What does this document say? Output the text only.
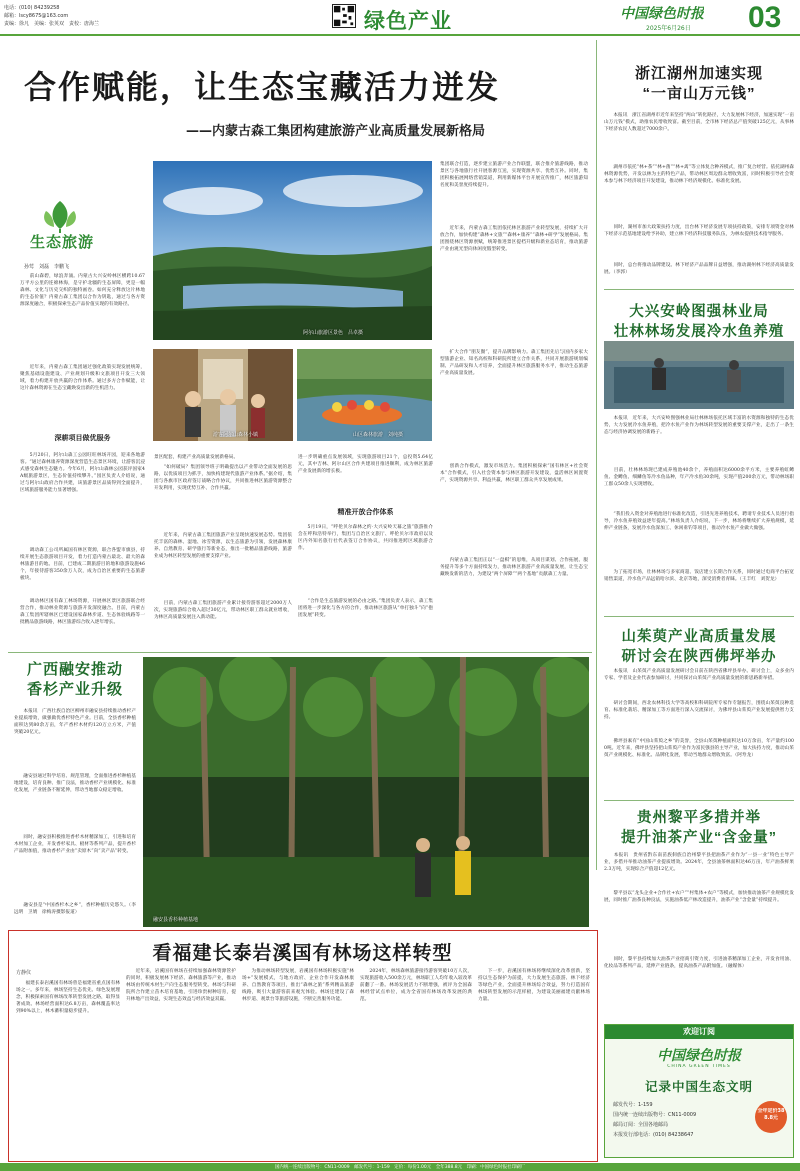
电话：(010) 84239258
邮箱：lscy8675@163.com
责编：徐凡　美编：张英双　责校：唐海兰	绿色产业	中国绿色时报
2025年6月26日 03
合作赋能，让生态宝藏活力迸发
——内蒙古森工集团构建旅游产业高质量发展新格局
阿尔山旅游区景色　吕卓摄
生态旅游
孙莺　刘磊　李鹏飞
游客阿尔山森林小镇	山区森林旅游　刘纯摄
　　前山森碧，绿浪奔涌。内蒙古大兴安岭林区横跨10.67万平方公里的连绵林海，是守护北疆的生态屏障，更是一幅森林、文化与历史交织的独特画卷。如何充分释放这片林地的生态价值？内蒙古森工集团以合作为钥匙，通过与各方资源深度融合，积极探索生态产品价值实现的有效路径。
　　近年来，内蒙古森工集团通过强化政策实现发展统筹，聚焦基础设施建设、产业规划升级和文旅项目开发三大领域，着力构建开放共赢的合作体系。通过多方合作赋能，让这片森林资源在生态宝藏焕发出新的生机活力。
深耕项目做优服务
　　5月20日，阿尔山森工公园旺旺林场开园，迎来各地游客。“通过森林康养资源深度营造生态景区环境，让游客沉浸式感受森林生态魅力。今年6月，阿尔山森林公园获评国家4A级旅游景区，生态价值持续攀升。”园区负责人介绍说，通过与阿尔山政府合作共建，该旅游景区品质得到全面提升，区域旅游服务能力显著增强。
　　调动森工公司所属国有林区资源，联合各盟市旗县，持续开展生态旅游项目开发，着力打造内蒙古最北、最大的森林旅游目的地。目前，已建成二期旅游目的地和旅游设施46个，年接待游客350余万人次，成为自治区重要的生态旅游板块。
　　调动林区国有森工林场资源，开展林区景区旅游联合经营合作，推动林业资源与旅游开发深度融合。目前，内蒙古森工集团所辖林区已建设国家森林步道、生态体验线路等一批精品旅游线路，林区旅游综合收入逐年增长。
景区配套，构建产业高质量发展新格局。
　　“如何破局？集团领导班子明确提出以产业带动全面发展的思路，以优质项目为抓手，加快构建现代旅游产业体系。”据介绍，集团与各旗市区政府签订战略合作协议，共同推进林区旅游资源整合开发利用，实现优势互补、合作共赢。
　　近年来，内蒙古森工集团旅游产业呈现快速发展态势。集团依托丰富的森林、湿地、冰雪资源，以生态旅游为引领，发展森林康养、自然教育、研学旅行等新业态，推出一批精品旅游线路，旅游业成为林区转型发展的重要支撑产业。
　　目前，内蒙古森工集团旅游产业累计接待游客超过2000万人次，实现旅游综合收入超过30亿元，带动林区职工群众就业增收，为林区高质量发展注入新动能。
进一步明确重点发展领域，实现旅游项目21个，总投资5.64亿元，其中吉林、阿尔山区合作共建项目推进顺利，成为林区旅游产业发展新的增长极。
精准开放合作体系
　　5月19日，“呼伦贝尔森林之约·大兴安岭天幕之旅”旅游推介会在呼和浩特举行，集团与自治区文旅厅、呼伦贝尔市政府以及区内外知名旅行社代表签订合作协议，共同推进跨区域旅游合作。
　　“合作是生态旅游发展的必由之路。”集团负责人表示，森工集团将进一步深化与各方的合作，推动林区旅游从“单打独斗”向“抱团发展”转变。
集团联合打造，逐步建立旅游产业合作联盟，联合推介旅游线路，推动景区与各地旅行社开展客源互送，实现资源共享、优势互补。同时，集团积极拓展网络营销渠道，利用新媒体平台开展宣传推广，林区旅游知名度和美誉度持续提升。
　　近年来，内蒙古森工集团依托林区旅游产业转型发展，持续扩大开放合作，加快构建“森林+文旅”“森林+康养”“森林+研学”发展格局。集团围绕林区资源禀赋，统筹推进景区提档升级和新业态培育，推动旅游产业由观光型向休闲度假型转变。
　　扩大合作“朋友圈”，提升品牌影响力。森工集团先后与国内多家大型旅游企业、知名高校和科研院所建立合作关系，共同开展旅游规划编制、产品研发和人才培养，全面提升林区旅游服务水平，推动生态旅游产业高质量发展。
　　创新合作模式，激发市场活力。集团积极探索“国有林区+社会资本”合作模式，引入社会资本参与林区旅游开发建设，盘活林区闲置资产，实现资源共享、利益共赢，林区职工群众共享发展成果。
　　内蒙古森工集团正以“一盘棋”的思维，从项目谋划、合作拓展、服务提升等多个方面持续发力，推动林区旅游产业高质量发展，让生态宝藏焕发新的活力，为建设“两个屏障”“两个基地”贡献森工力量。
浙江湖州加速实现
“一亩山万元钱”
　　本报讯　浙江省湖州市近年来坚持“两山”转化路径，大力发展林下经济，加速实现“一亩山万元钱”模式，助推农民增收致富。截至目前，全市林下经济总产值突破125亿元，从事林下经济农民人数超过7000余户。
　　湖州市依托“林+茶”“林+菌”“林+禽”等立体复合种养模式，推广复合经营。依托湖州森林资源优势，开发以林为主的特色产品，带动林区周边群众增收致富，同时积极引导社会资本参与林下经济项目开发建设，推动林下经济规模化、标准化发展。
　　同时，湖州市加大政策扶持力度，出台林下经济发展专项扶持政策，安排专项资金对林下经济示范基地建设给予补助，建立林下经济科技服务队伍，为林农提供技术指导服务。
　　同时，总台将推动品牌建设。林下经济产品品牌日益增强，推动湖州林下经济高质量发展。（李郭）
大兴安岭图强林业局
壮林林场发展冷水鱼养殖
　　本报讯　近年来，大兴安岭图强林业局壮林林场依托区域丰富的水资源和独特的生态优势，大力发展冷水鱼养殖，把冷水鱼产业作为林场转型发展的重要支撑产业，走出了一条生态与经济协调发展的新路子。
　　目前，壮林林场现已建成养殖池40余个，养殖面积达6000余平方米，主要养殖虹鳟鱼、金鳟鱼、细鳞鱼等冷水鱼品种，年产冷水鱼30余吨，实现产值200余万元，带动林场职工群众50余人实现增收。
　　“我们投入资金对养殖池进行标准化改造，引进先进养殖技术，聘请专业技术人员进行指导，冷水鱼养殖效益逐年提高。”林场负责人介绍说，下一步，林场将继续扩大养殖规模，延伸产业链条，发展冷水鱼深加工、休闲垂钓等项目，推动冷水鱼产业做大做强。
　　为了拓宽市场，壮林林场与多家商超、饭店建立长期合作关系，同时通过电商平台拓宽销售渠道，冷水鱼产品远销哈尔滨、北京等地，深受消费者青睐。（王丰红　刘贺龙）
山茱萸产业高质量发展
研讨会在陕西佛坪举办
　　本报讯　山茱萸产业高质量发展研讨会日前在陕西省佛坪县举办。研讨会上，众多业内专家、学者及企业代表参加研讨，共同探讨山茱萸产业高质量发展的新思路新举措。
　　研讨会期间，西北农林科技大学等高校和科研院所专家作专题报告，围绕山茱萸良种选育、标准化栽培、精深加工等方面进行深入交流探讨，为佛坪县山茱萸产业发展提供智力支持。
　　佛坪县素有“中国山茱萸之乡”的美誉，全县山茱萸种植面积达10万余亩，年产量约1000吨。近年来，佛坪县坚持把山茱萸产业作为富民强县的主导产业，加大扶持力度，推动山茱萸产业规模化、标准化、品牌化发展，带动当地群众增收致富。（阿寿龙）
贵州黎平多措并举
提升油茶产业“含金量”
　　本报讯　贵州省黔东南苗族侗族自治州黎平县把油茶产业作为“一县一业”特色主导产业，多措并举推动油茶产业提质增效。2024年，全县油茶林面积达46万亩，年产油茶鲜果2.3万吨，实现综合产值超12亿元。
　　黎平县以“龙头企业+合作社+农户”“村集体+农户”等模式，加快推动油茶产业规模化发展，同时推广油茶良种良法，实施油茶低产林改造提升，油茶产业“含金量”持续提升。
　　同时，黎平县持续加大油茶产业招商引资力度，引进油茶精深加工企业，开发食用油、化妆品等系列产品，延伸产业链条，提高油茶产品附加值。（融媒体）
广西融安推动
香杉产业升级
　　本报讯　广西壮族自治区柳州市融安县持续推动香杉产业提质增效，做强做优香杉特色产业。目前，全县香杉种植面积达到80余万亩，年产香杉木材约120万立方米，产值突破20亿元。
　　融安县通过科学培育、规范管理，全面推进香杉种植基地建设，培育良种、推广良法，推动香杉产业规模化、标准化发展，产业链条不断延伸，带动当地群众稳定增收。
　　同时，融安县积极推进香杉木材精深加工，引进和培育木材加工企业，开发香杉家具、板材等系列产品，提升香杉产品附加值，推动香杉产业由“卖原木”向“卖产品”转变。
　　融安县是“中国香杉木之乡”，香杉种植历史悠久。（李远明　卫婧　徐梅涛摄影报道）
融安县香杉种植基地
看福建长泰岩溪国有林场这样转型
方静仪
　　福建长泰岩溪国有林场曾是福建省重点国有林场之一。多年来，林场坚持生态优先、绿色发展理念，积极探索国有林场改革转型发展之路，取得显著成效。林场经营面积达6.8万亩，森林覆盖率达到90%以上，林木蓄积量稳步提升。
　　近年来，岩溪国有林场在持续加强森林资源管护的同时，积极发展林下经济、森林旅游等产业，推动林场由传统木材生产向生态服务型转变。林场与科研院所合作建立苗木培育基地，引进珍贵树种培育，提升林地产出效益，实现生态效益与经济效益双赢。
　　为推动林场转型发展，岩溪国有林场积极实施“林场+”发展模式，与地方政府、企业合作开发森林康养、自然教育等项目，推出“森林之旅”系列精品旅游线路，吸引大量游客前来观光体验。林场还建设了森林步道、观景台等旅游设施，不断完善服务功能。
　　2024年，林场森林旅游接待游客突破10万人次，实现旅游收入500余万元，林场职工人均年收入较改革前翻了一番。林场发展活力不断增强，被评为全国森林经营试点单位，成为全省国有林场改革发展的典范。
　　下一步，岩溪国有林场将继续深化改革创新，坚持以生态保护为前提，大力发展生态旅游、林下经济等绿色产业，全面提升林场综合效益，努力打造国有林场转型发展的示范样板，为建设美丽福建贡献林场力量。
欢迎订阅
中国绿色时报
CHINA GREEN TIMES
记录中国生态文明
邮发代号：1-159
国内统一连续出版物号：CN11-0009
邮局订阅：全国各地邮局
本报发行部电话：(010) 84238647
全年定价388.8元
国内统一连续出版物号：CN11-0009　邮发代号：1-159　定价：每份1.00元　全年388.8元　印刷：中国绿色时报社印刷厂
